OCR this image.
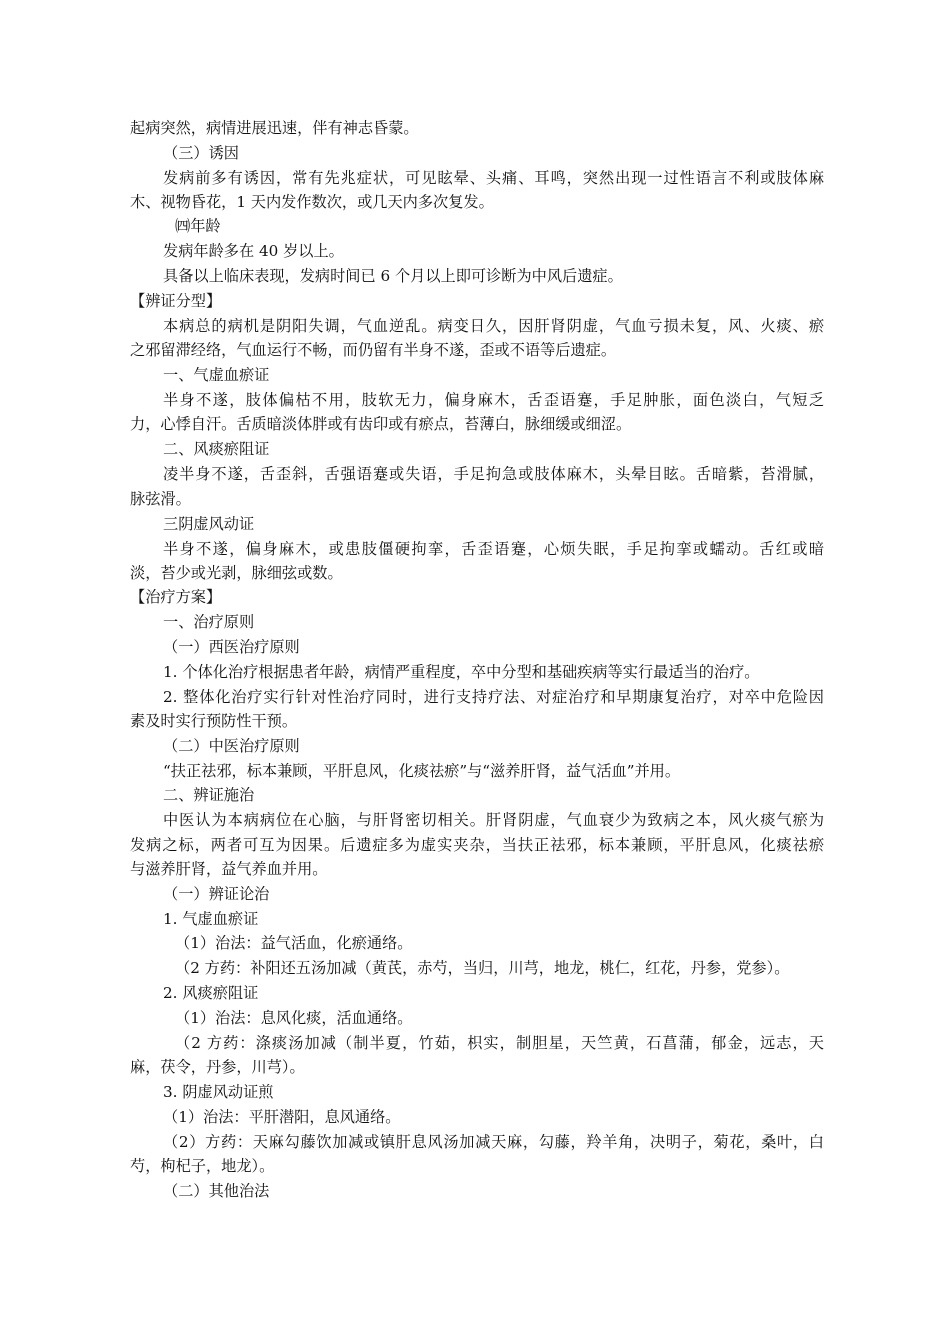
起病突然，病情进展迅速，伴有神志昏蒙。
（三）诱因
发病前多有诱因，常有先兆症状，可见眩晕、头痛、耳鸣，突然出现一过性语言不利或肢体麻
木、视物昏花，1 天内发作数次，或几天内多次复发。
㈣年龄
发病年龄多在 40 岁以上。
具备以上临床表现，发病时间已 6 个月以上即可诊断为中风后遗症。
【辨证分型】
本病总的病机是阴阳失调，气血逆乱。病变日久，因肝肾阴虚，气血亏损未复，风、火痰、瘀
之邪留滞经络，气血运行不畅，而仍留有半身不遂，歪或不语等后遗症。
一、气虚血瘀证
半身不遂，肢体偏枯不用，肢软无力，偏身麻木，舌歪语蹇，手足肿胀，面色淡白，气短乏
力，心悸自汗。舌质暗淡体胖或有齿印或有瘀点，苔薄白，脉细缓或细涩。
二、风痰瘀阻证
凌半身不遂，舌歪斜，舌强语蹇或失语，手足拘急或肢体麻木，头晕目眩。舌暗紫，苔滑腻，
脉弦滑。
三阴虚风动证
半身不遂，偏身麻木，或患肢僵硬拘挛，舌歪语蹇，心烦失眠，手足拘挛或蠕动。舌红或暗
淡，苔少或光剥，脉细弦或数。
【治疗方案】
一、治疗原则
（一）西医治疗原则
1. 个体化治疗根据患者年龄，病情严重程度，卒中分型和基础疾病等实行最适当的治疗。
2. 整体化治疗实行针对性治疗同时，进行支持疗法、对症治疗和早期康复治疗，对卒中危险因
素及时实行预防性干预。
（二）中医治疗原则
“扶正祛邪，标本兼顾，平肝息风，化痰祛瘀”与“滋养肝肾，益气活血”并用。
二、辨证施治
中医认为本病病位在心脑，与肝肾密切相关。肝肾阴虚，气血衰少为致病之本，风火痰气瘀为
发病之标，两者可互为因果。后遗症多为虚实夹杂，当扶正祛邪，标本兼顾，平肝息风，化痰祛瘀
与滋养肝肾，益气养血并用。
（一）辨证论治
1. 气虚血瘀证
（1）治法：益气活血，化瘀通络。
（2 方药：补阳还五汤加减（黄芪，赤芍，当归，川芎，地龙，桃仁，红花，丹参，党参）。
2. 风痰瘀阻证
（1）治法：息风化痰，活血通络。
（2 方药：涤痰汤加减（制半夏，竹茹，枳实，制胆星，天竺黄，石菖蒲，郁金，远志，天
麻，茯令，丹参，川芎）。
3. 阴虚风动证煎
（1）治法：平肝潜阳，息风通络。
（2）方药：天麻勾藤饮加减或镇肝息风汤加减天麻，勾藤，羚羊角，决明子，菊花，桑叶，白
芍，枸杞子，地龙）。
（二）其他治法
